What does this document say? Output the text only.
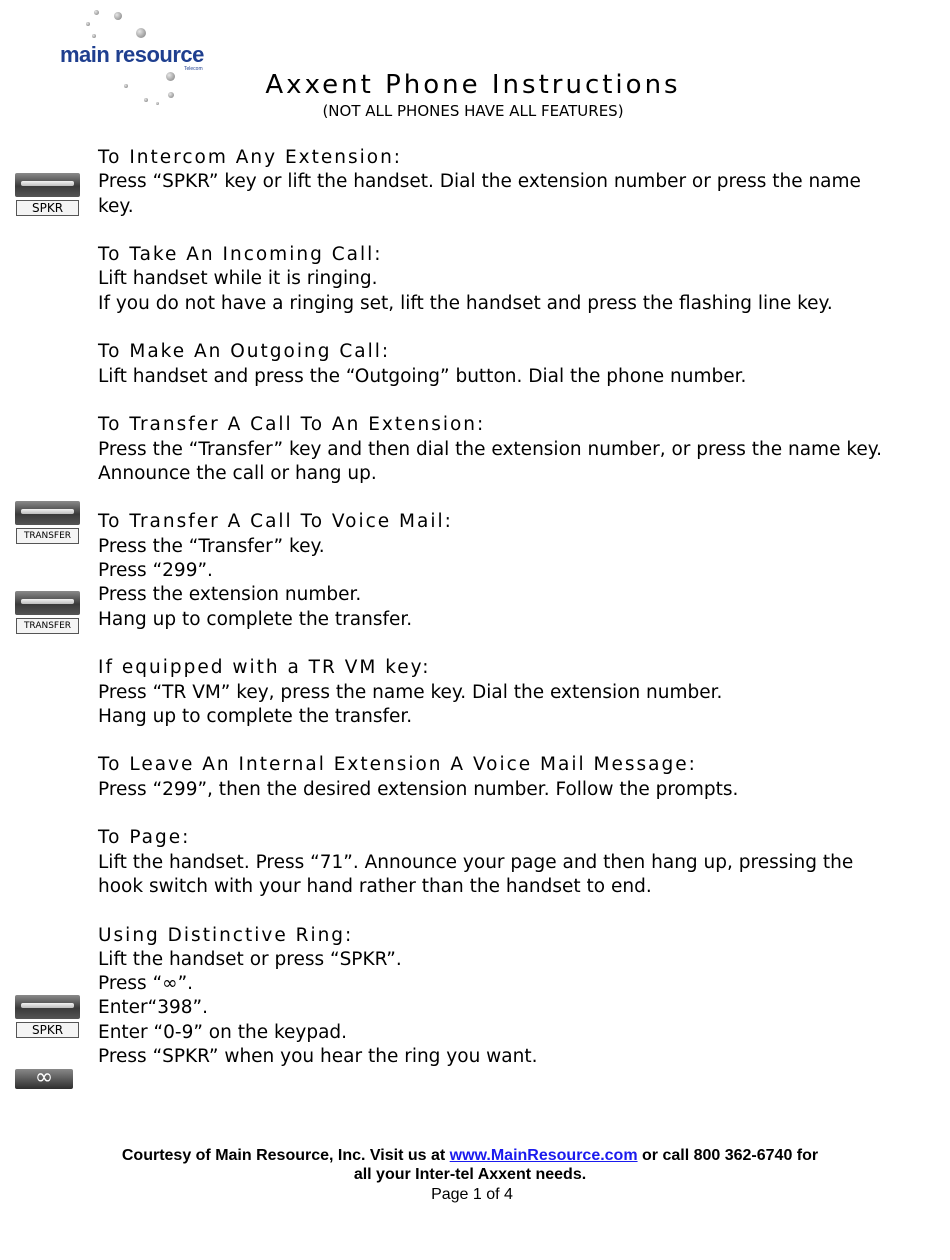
main resource
Telecom
Axxent Phone Instructions
(NOT ALL PHONES HAVE ALL FEATURES)
SPKR
TRANSFER
TRANSFER
SPKR
∞
To Intercom Any Extension:
Press “SPKR” key or lift the handset. Dial the extension number or press the name key.
To Take An Incoming Call:
Lift handset while it is ringing.
If you do not have a ringing set, lift the handset and press the flashing line key.
To Make An Outgoing Call:
Lift handset and press the “Outgoing” button. Dial the phone number.
To Transfer A Call To An Extension:
Press the “Transfer” key and then dial the extension number, or press the name key.
Announce the call or hang up.
To Transfer A Call To Voice Mail:
Press the “Transfer” key.
Press “299”.
Press the extension number.
Hang up to complete the transfer.
If equipped with a TR VM key:
Press “TR VM” key, press the name key. Dial the extension number.
Hang up to complete the transfer.
To Leave An Internal Extension A Voice Mail Message:
Press “299”, then the desired extension number. Follow the prompts.
To Page:
Lift the handset. Press “71”. Announce your page and then hang up, pressing the hook switch with your hand rather than the handset to end.
Using Distinctive Ring:
Lift the handset or press “SPKR”.
Press “∞”.
Enter“398”.
Enter “0-9” on the keypad.
Press “SPKR” when you hear the ring you want.
Courtesy of Main Resource, Inc. Visit us at www.MainResource.com or call 800 362-6740 for
all your Inter-tel Axxent needs.
Page 1 of 4
